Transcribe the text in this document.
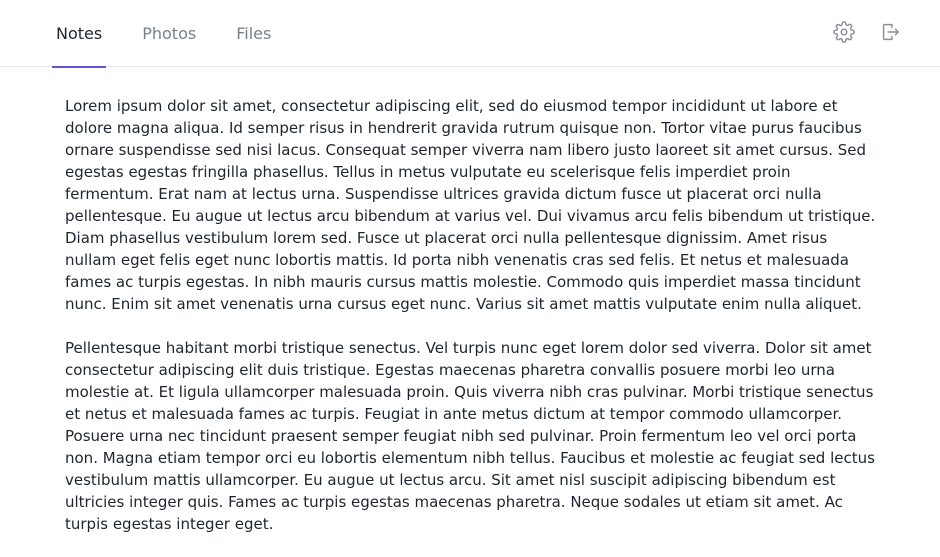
Notes	Photos	Files

Lorem ipsum dolor sit amet, consectetur adipiscing elit, sed do eiusmod tempor incididunt ut labore et dolore magna aliqua. Id semper risus in hendrerit gravida rutrum quisque non. Tortor vitae purus faucibus ornare suspendisse sed nisi lacus. Consequat semper viverra nam libero justo laoreet sit amet cursus. Sed egestas egestas fringilla phasellus. Tellus in metus vulputate eu scelerisque felis imperdiet proin fermentum. Erat nam at lectus urna. Suspendisse ultrices gravida dictum fusce ut placerat orci nulla pellentesque. Eu augue ut lectus arcu bibendum at varius vel. Dui vivamus arcu felis bibendum ut tristique. Diam phasellus vestibulum lorem sed. Fusce ut placerat orci nulla pellentesque dignissim. Amet risus nullam eget felis eget nunc lobortis mattis. Id porta nibh venenatis cras sed felis. Et netus et malesuada fames ac turpis egestas. In nibh mauris cursus mattis molestie. Commodo quis imperdiet massa tincidunt nunc. Enim sit amet venenatis urna cursus eget nunc. Varius sit amet mattis vulputate enim nulla aliquet.

Pellentesque habitant morbi tristique senectus. Vel turpis nunc eget lorem dolor sed viverra. Dolor sit amet consectetur adipiscing elit duis tristique. Egestas maecenas pharetra convallis posuere morbi leo urna molestie at. Et ligula ullamcorper malesuada proin. Quis viverra nibh cras pulvinar. Morbi tristique senectus et netus et malesuada fames ac turpis. Feugiat in ante metus dictum at tempor commodo ullamcorper. Posuere urna nec tincidunt praesent semper feugiat nibh sed pulvinar. Proin fermentum leo vel orci porta non. Magna etiam tempor orci eu lobortis elementum nibh tellus. Faucibus et molestie ac feugiat sed lectus vestibulum mattis ullamcorper. Eu augue ut lectus arcu. Sit amet nisl suscipit adipiscing bibendum est ultricies integer quis. Fames ac turpis egestas maecenas pharetra. Neque sodales ut etiam sit amet. Ac turpis egestas integer eget.
